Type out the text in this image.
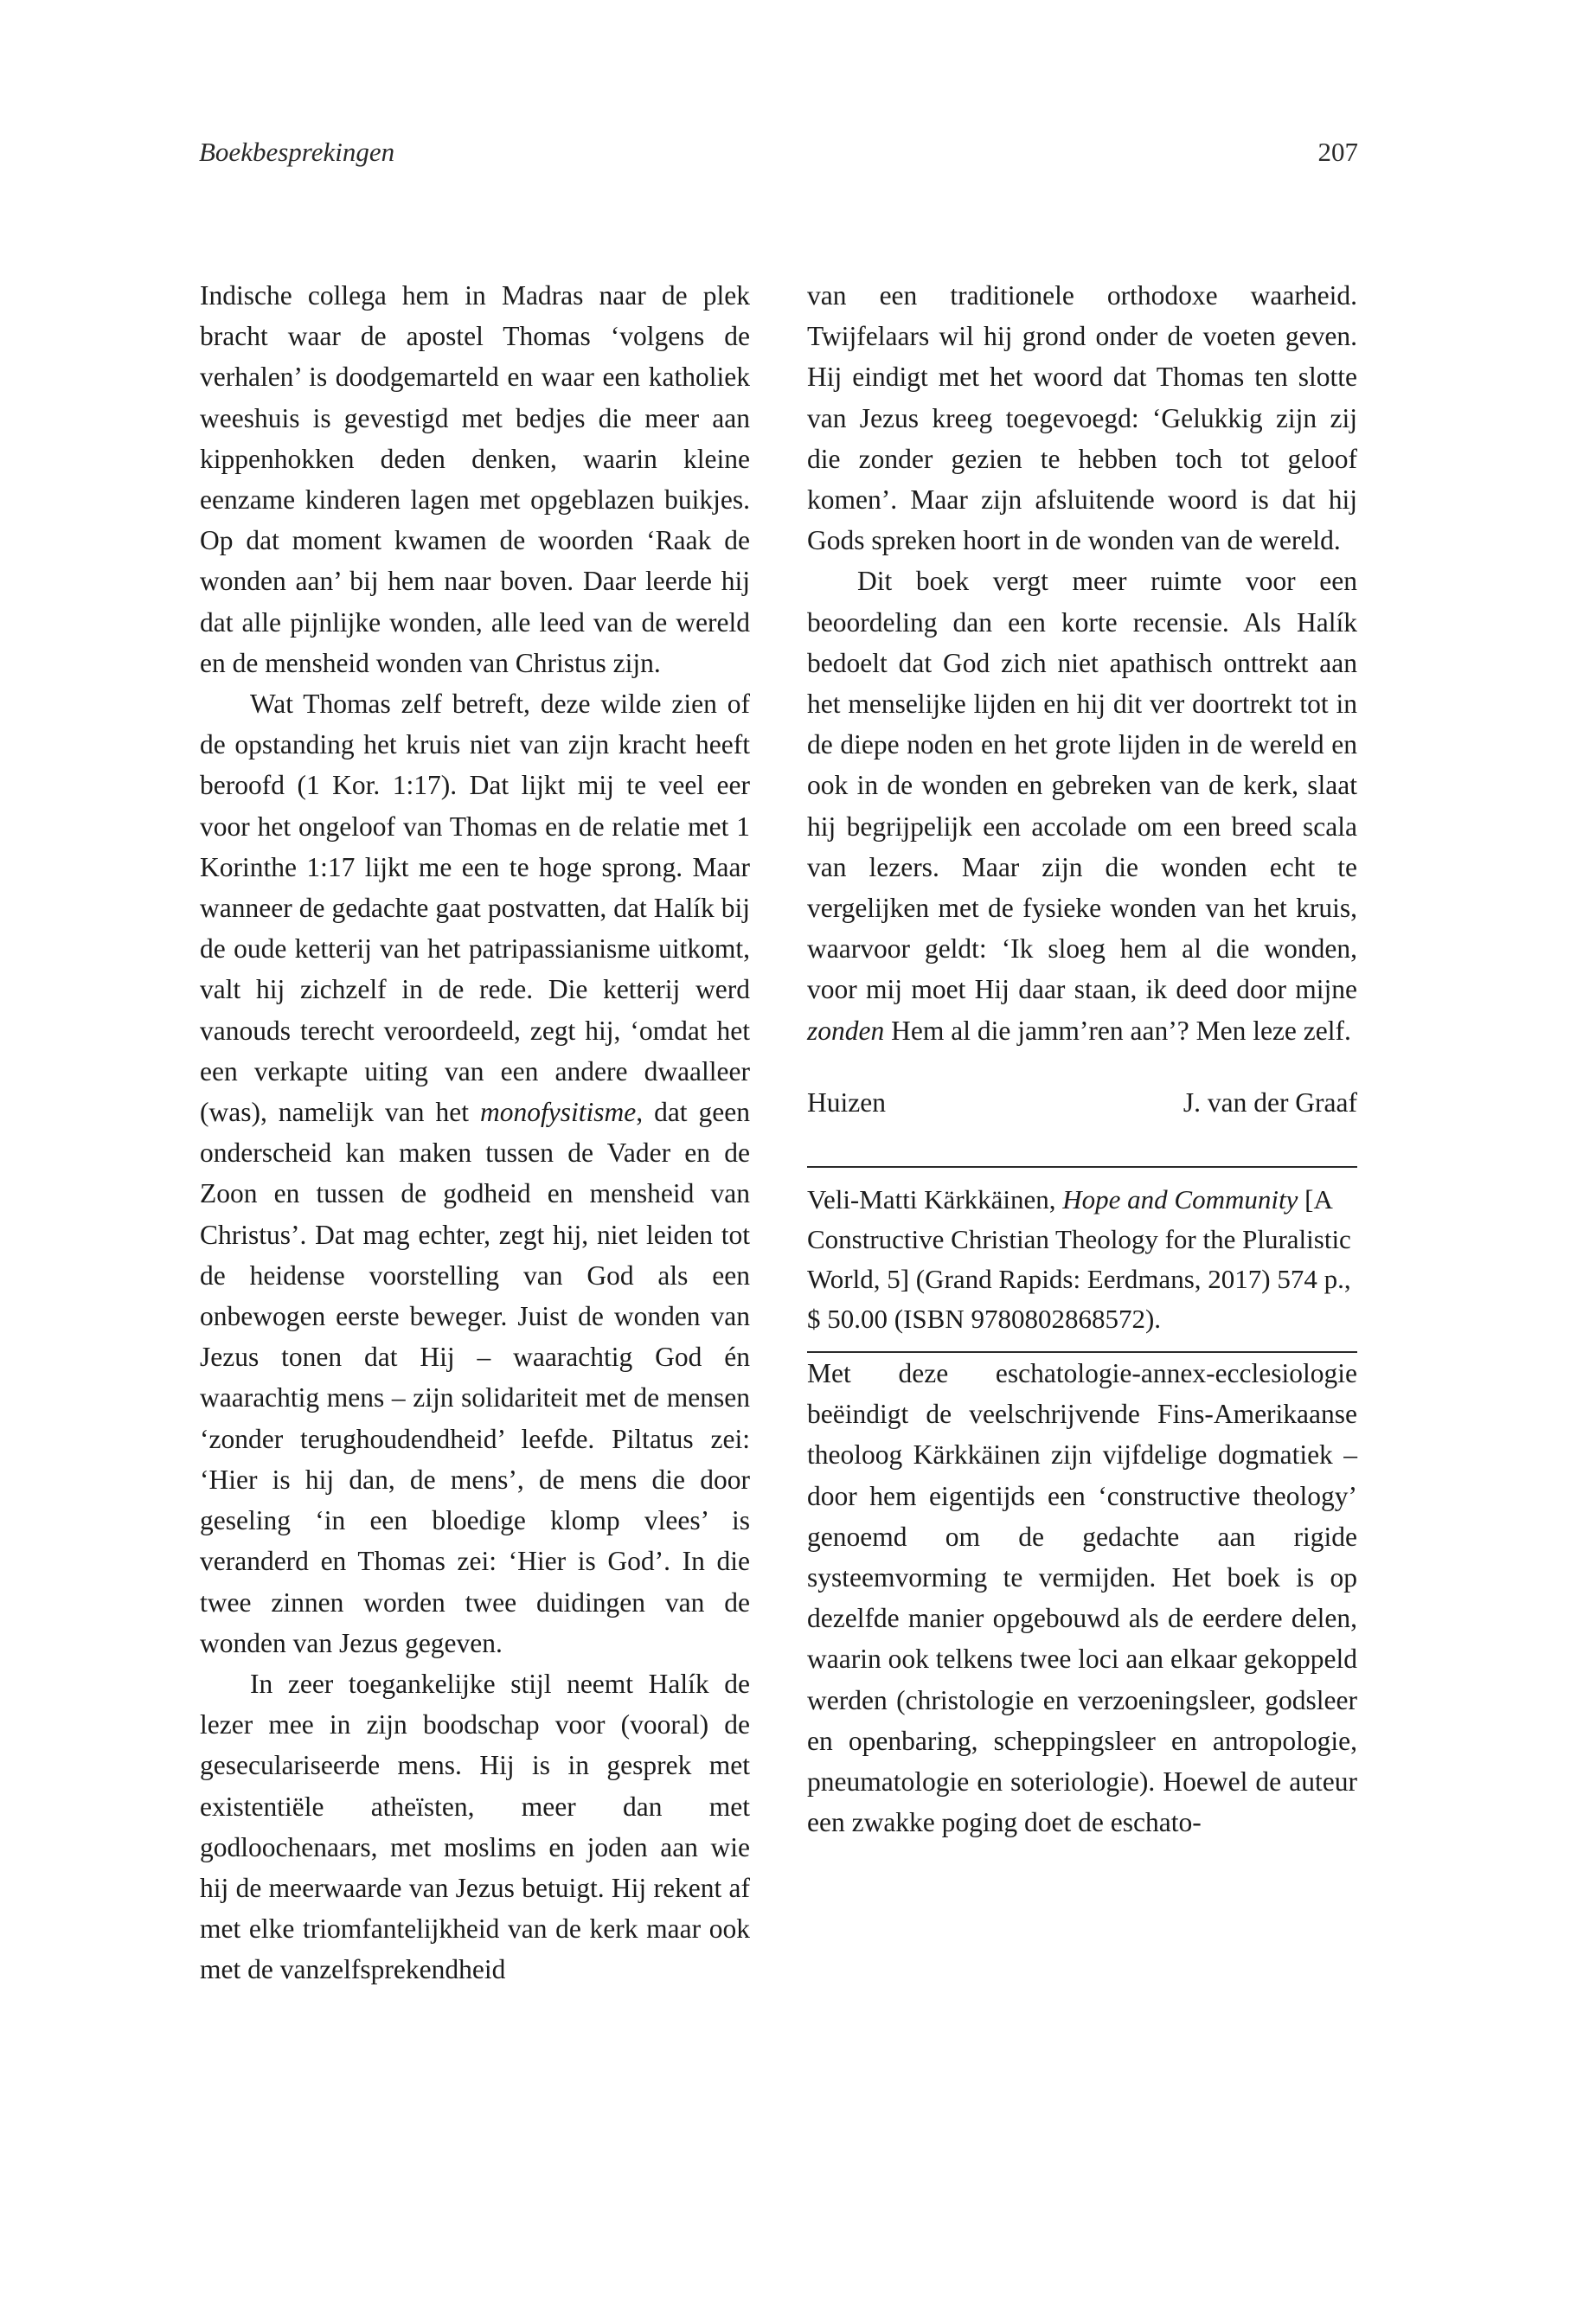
Boekbesprekingen	207

Indische collega hem in Madras naar de plek bracht waar de apostel Thomas ‘volgens de verhalen’ is doodgemarteld en waar een katholiek weeshuis is gevestigd met bedjes die meer aan kippenhokken deden denken, waarin kleine eenzame kinderen lagen met opgeblazen buikjes. Op dat moment kwamen de woorden ‘Raak de wonden aan’ bij hem naar boven. Daar leerde hij dat alle pijnlijke wonden, alle leed van de wereld en de mensheid wonden van Christus zijn.

Wat Thomas zelf betreft, deze wilde zien of de opstanding het kruis niet van zijn kracht heeft beroofd (1 Kor. 1:17). Dat lijkt mij te veel eer voor het ongeloof van Thomas en de relatie met 1 Korinthe 1:17 lijkt me een te hoge sprong. Maar wanneer de gedachte gaat postvatten, dat Halík bij de oude ketterij van het patripassianisme uitkomt, valt hij zichzelf in de rede. Die ketterij werd vanouds terecht veroordeeld, zegt hij, ‘omdat het een verkapte uiting van een andere dwaalleer (was), namelijk van het monofysitisme, dat geen onderscheid kan maken tussen de Vader en de Zoon en tussen de godheid en mensheid van Christus’. Dat mag echter, zegt hij, niet leiden tot de heidense voorstelling van God als een onbewogen eerste beweger. Juist de wonden van Jezus tonen dat Hij – waarachtig God én waarachtig mens – zijn solidariteit met de mensen ‘zonder terughoudendheid’ leefde. Piltatus zei: ‘Hier is hij dan, de mens’, de mens die door geseling ‘in een bloedige klomp vlees’ is veranderd en Thomas zei: ‘Hier is God’. In die twee zinnen worden twee duidingen van de wonden van Jezus gegeven.

In zeer toegankelijke stijl neemt Halík de lezer mee in zijn boodschap voor (vooral) de geseculariseerde mens. Hij is in gesprek met existentiële atheïsten, meer dan met godloochenaars, met moslims en joden aan wie hij de meerwaarde van Jezus betuigt. Hij rekent af met elke triomfantelijkheid van de kerk maar ook met de vanzelfsprekendheid

van een traditionele orthodoxe waarheid. Twijfelaars wil hij grond onder de voeten geven. Hij eindigt met het woord dat Thomas ten slotte van Jezus kreeg toegevoegd: ‘Gelukkig zijn zij die zonder gezien te hebben toch tot geloof komen’. Maar zijn afsluitende woord is dat hij Gods spreken hoort in de wonden van de wereld.

Dit boek vergt meer ruimte voor een beoordeling dan een korte recensie. Als Halík bedoelt dat God zich niet apathisch onttrekt aan het menselijke lijden en hij dit ver doortrekt tot in de diepe noden en het grote lijden in de wereld en ook in de wonden en gebreken van de kerk, slaat hij begrijpelijk een accolade om een breed scala van lezers. Maar zijn die wonden echt te vergelijken met de fysieke wonden van het kruis, waarvoor geldt: ‘Ik sloeg hem al die wonden, voor mij moet Hij daar staan, ik deed door mijne zonden Hem al die jamm’ren aan’? Men leze zelf.

Huizen	J. van der Graaf
Veli-Matti Kärkkäinen, Hope and Community [A Constructive Christian Theology for the Pluralistic World, 5] (Grand Rapids: Eerdmans, 2017) 574 p., $ 50.00 (ISBN 9780802868572).

Met deze eschatologie-annex-ecclesiologie beëindigt de veelschrijvende Fins-Amerikaanse theoloog Kärkkäinen zijn vijfdelige dogmatiek – door hem eigentijds een ‘constructive theology’ genoemd om de gedachte aan rigide systeemvorming te vermijden. Het boek is op dezelfde manier opgebouwd als de eerdere delen, waarin ook telkens twee loci aan elkaar gekoppeld werden (christologie en verzoeningsleer, godsleer en openbaring, scheppingsleer en antropologie, pneumatologie en soteriologie). Hoewel de auteur een zwakke poging doet de eschato-
